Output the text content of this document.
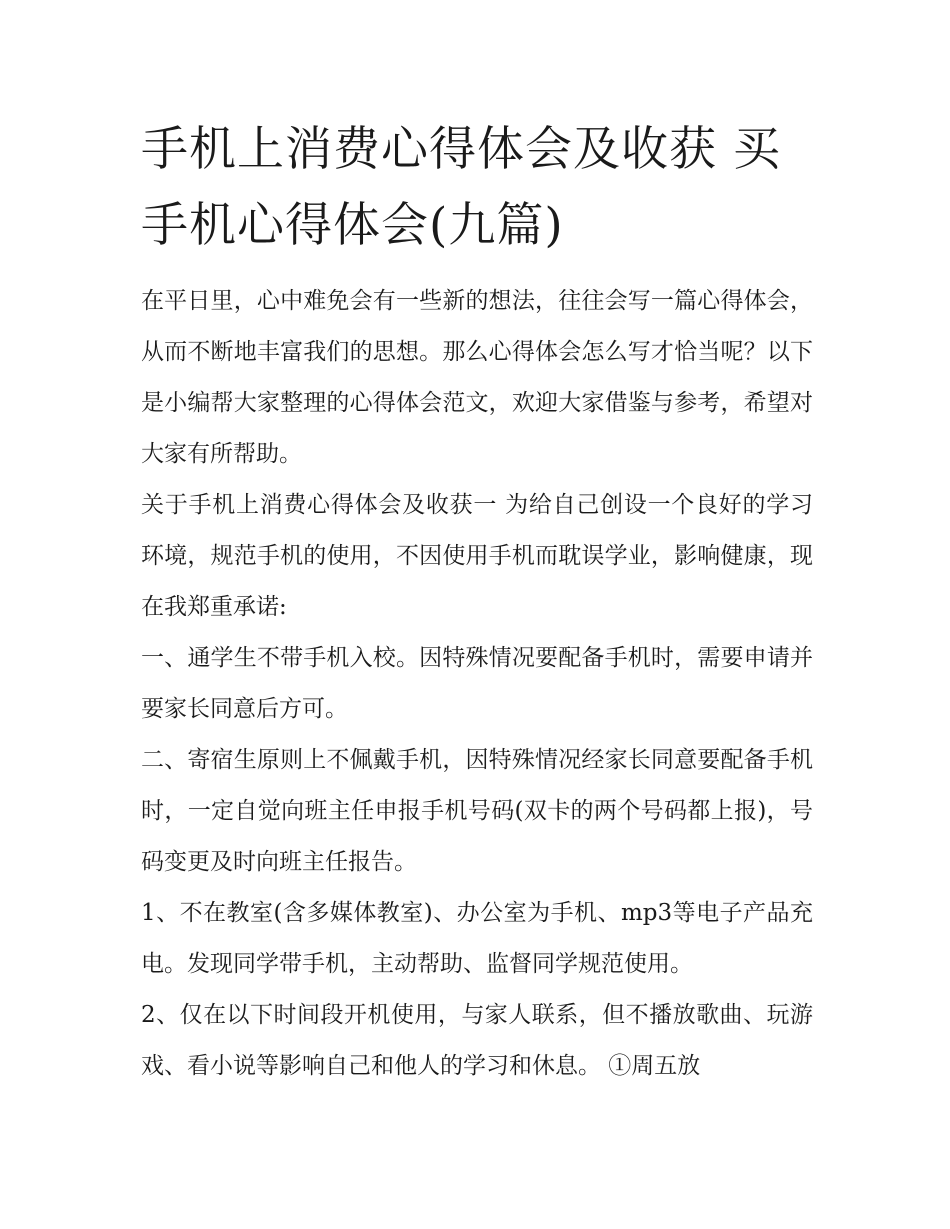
手机上消费心得体会及收获 买手机心得体会(九篇)

在平日里，心中难免会有一些新的想法，往往会写一篇心得体会，从而不断地丰富我们的思想。那么心得体会怎么写才恰当呢？以下是小编帮大家整理的心得体会范文，欢迎大家借鉴与参考，希望对大家有所帮助。

关于手机上消费心得体会及收获一 为给自己创设一个良好的学习环境，规范手机的使用，不因使用手机而耽误学业，影响健康，现在我郑重承诺:

一、通学生不带手机入校。因特殊情况要配备手机时，需要申请并要家长同意后方可。

二、寄宿生原则上不佩戴手机，因特殊情况经家长同意要配备手机时，一定自觉向班主任申报手机号码(双卡的两个号码都上报)，号码变更及时向班主任报告。

1、不在教室(含多媒体教室)、办公室为手机、mp3等电子产品充电。发现同学带手机，主动帮助、监督同学规范使用。

2、仅在以下时间段开机使用，与家人联系，但不播放歌曲、玩游戏、看小说等影响自己和他人的学习和休息。 ①周五放
